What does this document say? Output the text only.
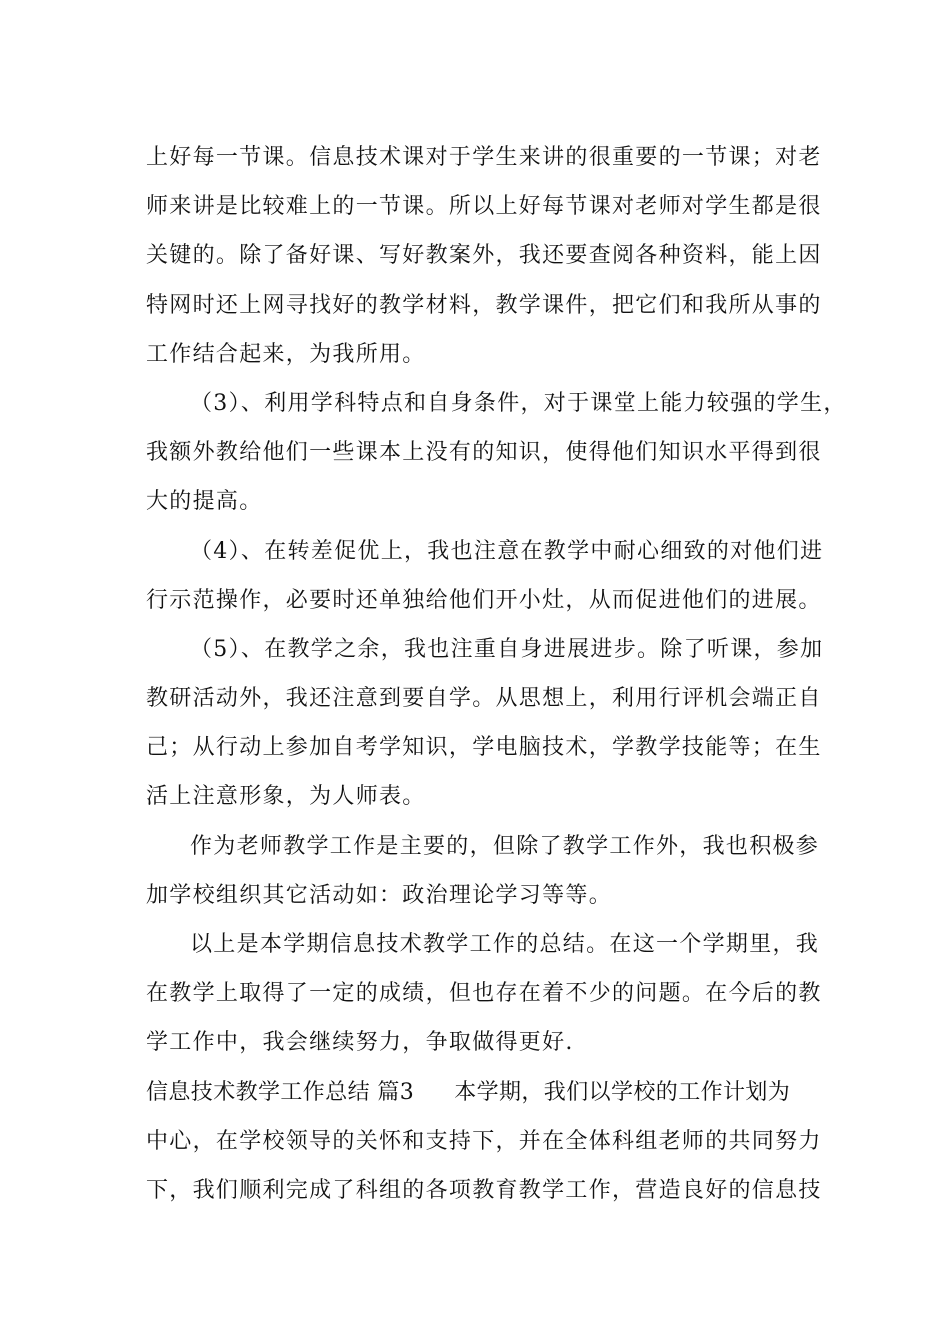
上好每一节课。信息技术课对于学生来讲的很重要的一节课；对老
师来讲是比较难上的一节课。所以上好每节课对老师对学生都是很
关键的。除了备好课、写好教案外，我还要查阅各种资料，能上因
特网时还上网寻找好的教学材料，教学课件，把它们和我所从事的
工作结合起来，为我所用。
（3）、利用学科特点和自身条件，对于课堂上能力较强的学生，
我额外教给他们一些课本上没有的知识，使得他们知识水平得到很
大的提高。
（4）、在转差促优上，我也注意在教学中耐心细致的对他们进
行示范操作，必要时还单独给他们开小灶，从而促进他们的进展。
（5）、在教学之余，我也注重自身进展进步。除了听课，参加
教研活动外，我还注意到要自学。从思想上，利用行评机会端正自
己；从行动上参加自考学知识，学电脑技术，学教学技能等；在生
活上注意形象，为人师表。
作为老师教学工作是主要的，但除了教学工作外，我也积极参
加学校组织其它活动如：政治理论学习等等。
以上是本学期信息技术教学工作的总结。在这一个学期里，我
在教学上取得了一定的成绩，但也存在着不少的问题。在今后的教
学工作中，我会继续努力，争取做得更好.
信息技术教学工作总结 篇3 本学期，我们以学校的工作计划为
中心，在学校领导的关怀和支持下，并在全体科组老师的共同努力
下，我们顺利完成了科组的各项教育教学工作，营造良好的信息技
